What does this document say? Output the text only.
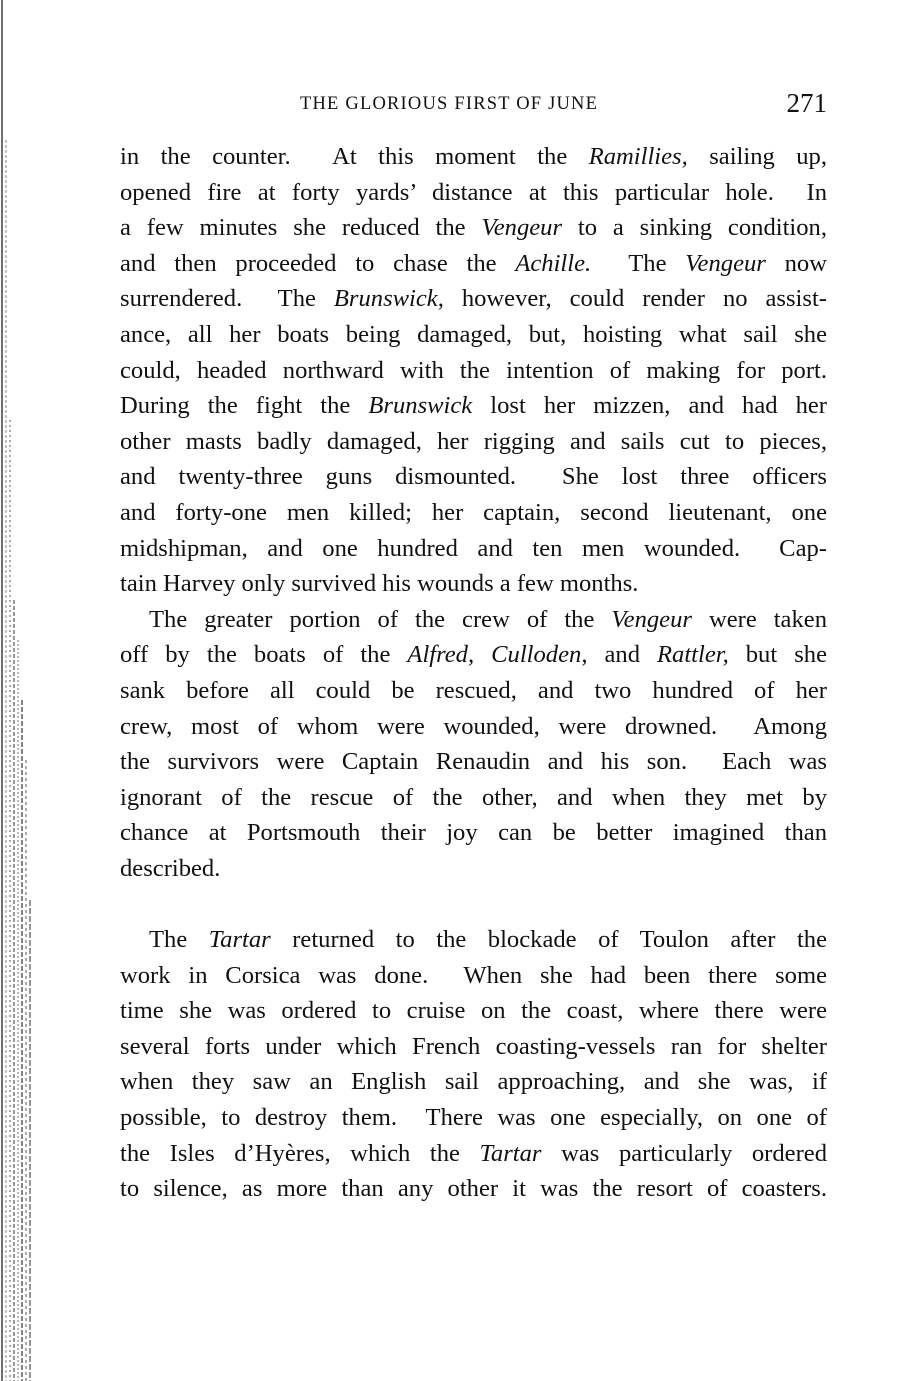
THE GLORIOUS FIRST OF JUNE	271
in the counter.  At this moment the Ramillies, sailing up,
opened fire at forty yards’ distance at this particular hole.  In
a few minutes she reduced the Vengeur to a sinking condition,
and then proceeded to chase the Achille.  The Vengeur now
surrendered.  The Brunswick, however, could render no assist-
ance, all her boats being damaged, but, hoisting what sail she
could, headed northward with the intention of making for port.
During the fight the Brunswick lost her mizzen, and had her
other masts badly damaged, her rigging and sails cut to pieces,
and twenty-three guns dismounted.  She lost three officers
and forty-one men killed; her captain, second lieutenant, one
midshipman, and one hundred and ten men wounded.  Cap-
tain Harvey only survived his wounds a few months.
The greater portion of the crew of the Vengeur were taken
off by the boats of the Alfred, Culloden, and Rattler, but she
sank before all could be rescued, and two hundred of her
crew, most of whom were wounded, were drowned.  Among
the survivors were Captain Renaudin and his son.  Each was
ignorant of the rescue of the other, and when they met by
chance at Portsmouth their joy can be better imagined than
described.
The Tartar returned to the blockade of Toulon after the
work in Corsica was done.  When she had been there some
time she was ordered to cruise on the coast, where there were
several forts under which French coasting-vessels ran for shelter
when they saw an English sail approaching, and she was, if
possible, to destroy them.  There was one especially, on one of
the Isles d’Hyères, which the Tartar was particularly ordered
to silence, as more than any other it was the resort of coasters.
